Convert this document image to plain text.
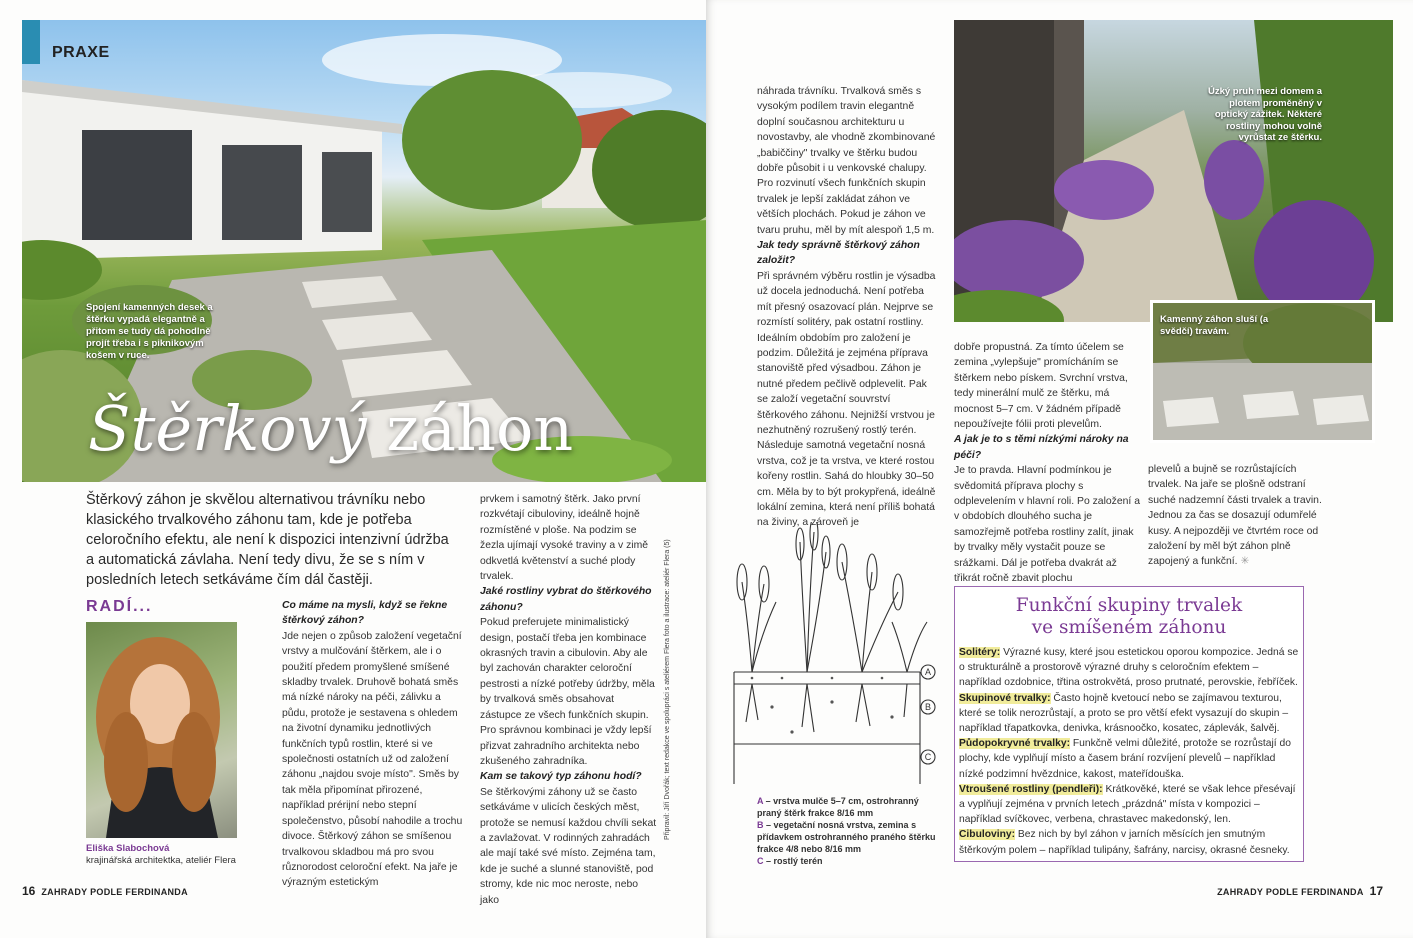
Spojení kamenných desek a štěrku vypadá elegantně a přitom se tudy dá pohodlně projít třeba i s piknikovým košem v ruce.
Štěrkový záhon
PRAXE
Štěrkový záhon je skvělou alternativou trávníku nebo klasického trvalkového záhonu tam, kde je potřeba celoročního efektu, ale není k dispozici intenzivní údržba a automatická závlaha. Není tedy divu, že se s ním v posledních letech setkáváme čím dál častěji.
RADÍ...
Eliška Slabochová
krajinářská architektka, ateliér Flera

Co máme na mysli, když se řekne štěrkový záhon?

Jde nejen o způsob založení vegetační vrstvy a mulčování štěrkem, ale i o použití předem promyšlené smíšené skladby trvalek. Druhově bohatá směs má nízké nároky na péči, zálivku a půdu, protože je sestavena s ohledem na životní dynamiku jednotlivých funkčních typů rostlin, které si ve společnosti ostatních už od založení záhonu „najdou svoje místo". Směs by tak měla připomínat přirozené, například prérijní nebo stepní společenstvo, působí nahodile a trochu divoce. Štěrkový záhon se smíšenou trvalkovou skladbou má pro svou různorodost celoroční efekt. Na jaře je výrazným estetickým

prvkem i samotný štěrk. Jako první rozkvétají cibuloviny, ideálně hojně rozmístěné v ploše. Na podzim se žezla ujímají vysoké traviny a v zimě odkvetlá květenství a suché plody trvalek.

Jaké rostliny vybrat do štěrkového záhonu?

Pokud preferujete minimalistický design, postačí třeba jen kombinace okrasných travin a cibulovin. Aby ale byl zachován charakter celoroční pestrosti a nízké potřeby údržby, měla by trvalková směs obsahovat zástupce ze všech funkčních skupin. Pro správnou kombinaci je vždy lepší přizvat zahradního architekta nebo zkušeného zahradníka.

Kam se takový typ záhonu hodí?

Se štěrkovými záhony už se často setkáváme v ulicích českých měst, protože se nemusí každou chvíli sekat a zavlažovat. V rodinných zahradách ale mají také své místo. Zejména tam, kde je suché a slunné stanoviště, pod stromy, kde nic moc neroste, nebo jako

Připravil: Jiří Dvořák; text redakce ve spolupráci s ateliérem Flera foto a ilustrace: ateliér Flera (5)
16 ZAHRADY PODLE FERDINANDA

náhrada trávníku. Trvalková směs s vysokým podílem travin elegantně doplní současnou architekturu u novostavby, ale vhodně zkombinované „babiččiny" trvalky ve štěrku budou dobře působit i u venkovské chalupy. Pro rozvinutí všech funkčních skupin trvalek je lepší zakládat záhon ve větších plochách. Pokud je záhon ve tvaru pruhu, měl by mít alespoň 1,5 m.

Jak tedy správně štěrkový záhon založit?

Při správném výběru rostlin je výsadba už docela jednoduchá. Není potřeba mít přesný osazovací plán. Nejprve se rozmístí solitéry, pak ostatní rostliny. Ideálním obdobím pro založení je podzim. Důležitá je zejména příprava stanoviště před výsadbou. Záhon je nutné předem pečlivě odplevelit. Pak se založí vegetační souvrství štěrkového záhonu. Nejnižší vrstvou je nezhutněný rozrušený rostlý terén. Následuje samotná vegetační nosná vrstva, což je ta vrstva, ve které rostou kořeny rostlin. Sahá do hloubky 30–50 cm. Měla by to být prokypřená, ideálně lokální zemina, která není příliš bohatá na živiny, a zároveň je

Úzký pruh mezi domem a plotem proměněný v optický zážitek. Některé rostliny mohou volně vyrůstat ze štěrku.
Kamenný záhon sluší (a svědčí) travám.

dobře propustná. Za tímto účelem se zemina „vylepšuje" promícháním se štěrkem nebo pískem. Svrchní vrstva, tedy minerální mulč ze štěrku, má mocnost 5–7 cm. V žádném případě nepoužívejte fólii proti plevelům.

A jak je to s těmi nízkými nároky na péči?

Je to pravda. Hlavní podmínkou je svědomitá příprava plochy s odplevelením v hlavní roli. Po založení a v obdobích dlouhého sucha je samozřejmě potřeba rostliny zalít, jinak by trvalky měly vystačit pouze se srážkami. Dál je potřeba dvakrát až třikrát ročně zbavit plochu

plevelů a bujně se rozrůstajících trvalek. Na jaře se plošně odstraní suché nadzemní části trvalek a travin. Jednou za čas se dosazují odumřelé kusy. A nejpozději ve čtvrtém roce od založení by měl být záhon plně zapojený a funkční. ✳

A
B
C
A – vrstva mulče 5–7 cm, ostrohranný praný štěrk frakce 8/16 mm
B – vegetační nosná vrstva, zemina s přídavkem ostrohranného praného štěrku frakce 4/8 nebo 8/16 mm
C – rostlý terén
Funkční skupiny trvalek
ve smíšeném záhonu

Solitéry: Výrazné kusy, které jsou estetickou oporou kompozice. Jedná se o strukturálně a prostorově výrazné druhy s celoročním efektem – například ozdobnice, třtina ostrokvětá, proso prutnaté, perovskie, řebříček.

Skupinové trvalky: Často hojně kvetoucí nebo se zajímavou texturou, které se tolik nerozrůstají, a proto se pro větší efekt vysazují do skupin – například třapatkovka, denivka, krásnoočko, kosatec, záplevák, šalvěj.

Půdopokryvné trvalky: Funkčně velmi důležité, protože se rozrůstají do plochy, kde vyplňují místo a časem brání rozvíjení plevelů – například nízké podzimní hvězdnice, kakost, mateřídouška.

Vtroušené rostliny (pendleři): Krátkověké, které se však lehce přesévají a vyplňují zejména v prvních letech „prázdná" místa v kompozici – například svíčkovec, verbena, chrastavec makedonský, len.

Cibuloviny: Bez nich by byl záhon v jarních měsících jen smutným štěrkovým polem – například tulipány, šafrány, narcisy, okrasné česneky.

ZAHRADY PODLE FERDINANDA 17
